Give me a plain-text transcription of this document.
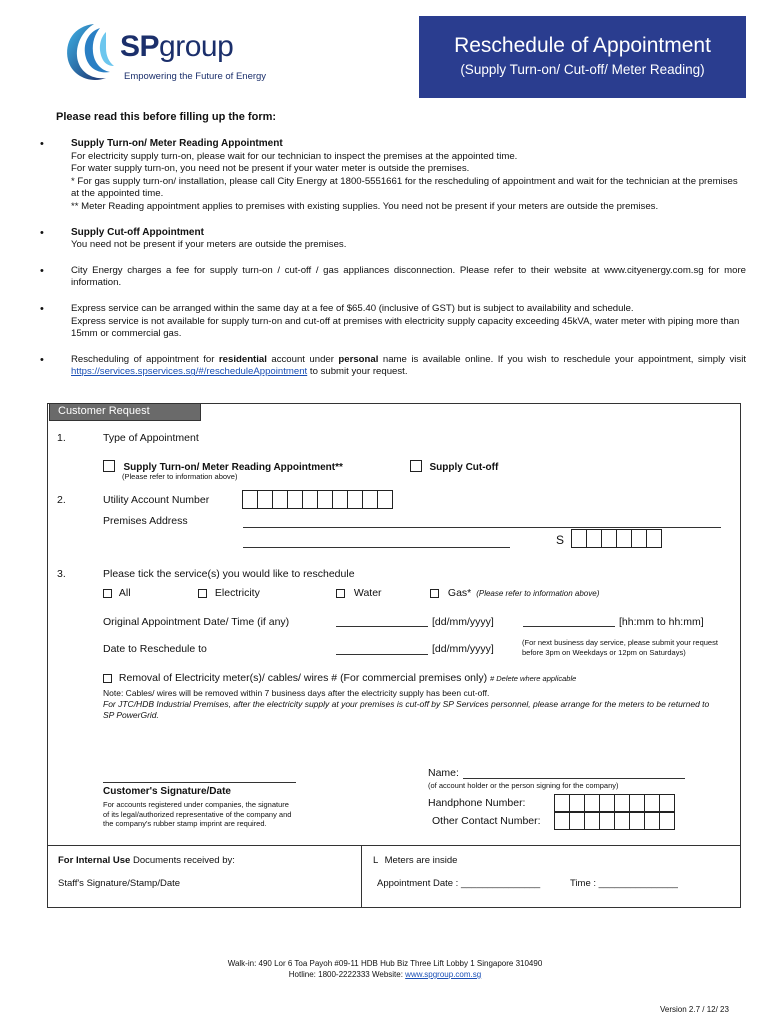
SPgroup
Empowering the Future of Energy
Reschedule of Appointment
(Supply Turn-on/ Cut-off/ Meter Reading)
Please read this before filling up the form:
• Supply Turn-on/ Meter Reading Appointment
For electricity supply turn-on, please wait for our technician to inspect the premises at the appointed time.
For water supply turn-on, you need not be present if your water meter is outside the premises.
* For gas supply turn-on/ installation, please call City Energy at 1800-5551661 for the rescheduling of appointment and wait for the technician at the premises at the appointed time.
** Meter Reading appointment applies to premises with existing supplies. You need not be present if your meters are outside the premises.
• Supply Cut-off Appointment
You need not be present if your meters are outside the premises.
• City Energy charges a fee for supply turn-on / cut-off / gas appliances disconnection. Please refer to their website at www.cityenergy.com.sg for more information.
• Express service can be arranged within the same day at a fee of $65.40 (inclusive of GST) but is subject to availability and schedule.
Express service is not available for supply turn-on and cut-off at premises with electricity supply capacity exceeding 45kVA, water meter with piping more than 15mm or commercial gas.
• Rescheduling of appointment for residential account under personal name is available online. If you wish to reschedule your appointment, simply visit https://services.spservices.sg/#/rescheduleAppointment to submit your request.
Customer Request
1.	Type of Appointment
Supply Turn-on/ Meter Reading Appointment**
(Please refer to information above)
Supply Cut-off
2.	Utility Account Number
Premises Address
S
3.	Please tick the service(s) you would like to reschedule
All	Electricity	Water	Gas* (Please refer to information above)
Original Appointment Date/ Time (if any)	[dd/mm/yyyy]	[hh:mm to hh:mm]
Date to Reschedule to	[dd/mm/yyyy]
(For next business day service, please submit your request before 3pm on Weekdays or 12pm on Saturdays)
Removal of Electricity meter(s)/ cables/ wires # (For commercial premises only) # Delete where applicable
Note: Cables/ wires will be removed within 7 business days after the electricity supply has been cut-off.
For JTC/HDB Industrial Premises, after the electricity supply at your premises is cut-off by SP Services personnel, please arrange for the meters to be returned to SP PowerGrid.
Customer's Signature/Date
For accounts registered under companies, the signature
of its legal/authorized representative of the company and
the company's rubber stamp imprint are required.
Name:
(of account holder or the person signing for the company)
Handphone Number:
Other Contact Number:
For Internal Use Documents received by:
Staff's Signature/Stamp/Date
L Meters are inside
Appointment Date : _______________	Time : _______________
Walk-in: 490 Lor 6 Toa Payoh #09-11 HDB Hub Biz Three Lift Lobby 1 Singapore 310490
Hotline: 1800-2222333 Website: www.spgroup.com.sg
Version 2.7 / 12/ 23
